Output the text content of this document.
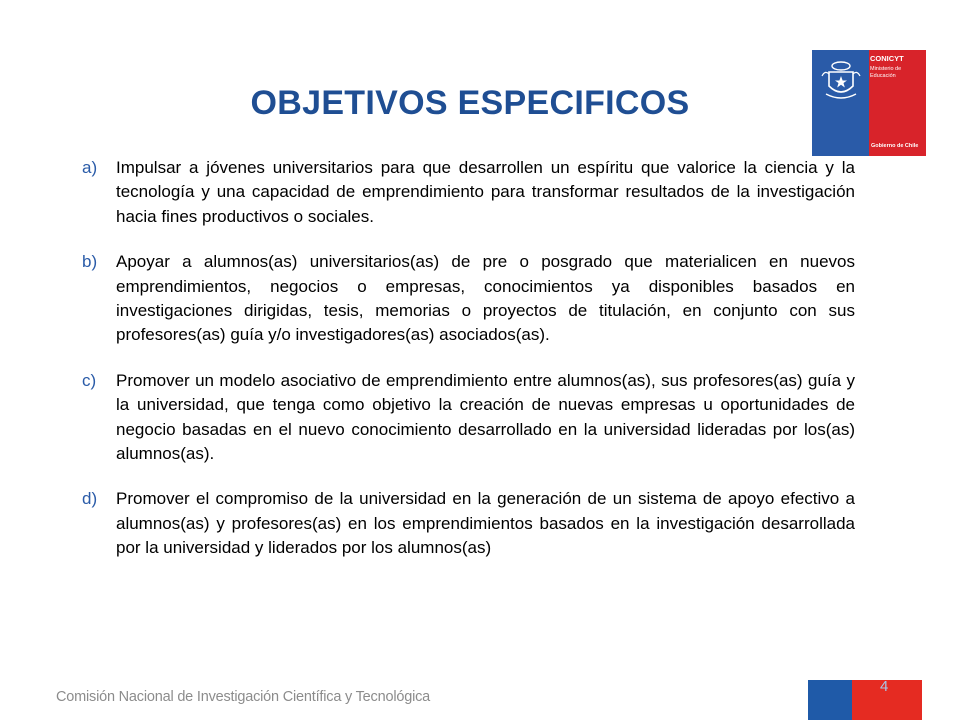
CONICYT
Ministerio de Educación
Gobierno de Chile
OBJETIVOS ESPECIFICOS
a) Impulsar a jóvenes universitarios para que desarrollen un espíritu que valorice la ciencia y la tecnología y una capacidad de emprendimiento para transformar resultados de la investigación hacia fines productivos o sociales.
b) Apoyar a alumnos(as) universitarios(as) de pre o posgrado que materialicen en nuevos emprendimientos, negocios o empresas, conocimientos ya disponibles basados en investigaciones dirigidas, tesis, memorias o proyectos de titulación, en conjunto con sus profesores(as) guía y/o investigadores(as) asociados(as).
c) Promover un modelo asociativo de emprendimiento entre alumnos(as), sus profesores(as) guía y la universidad, que tenga como objetivo la creación de nuevas empresas u oportunidades de negocio basadas en el nuevo conocimiento desarrollado en la universidad lideradas por los(as) alumnos(as).
d) Promover el compromiso de la universidad en la generación de un sistema de apoyo efectivo a alumnos(as) y profesores(as) en los emprendimientos basados en la investigación desarrollada por la universidad y liderados por los alumnos(as)
Comisión Nacional de Investigación Científica y Tecnológica
4
